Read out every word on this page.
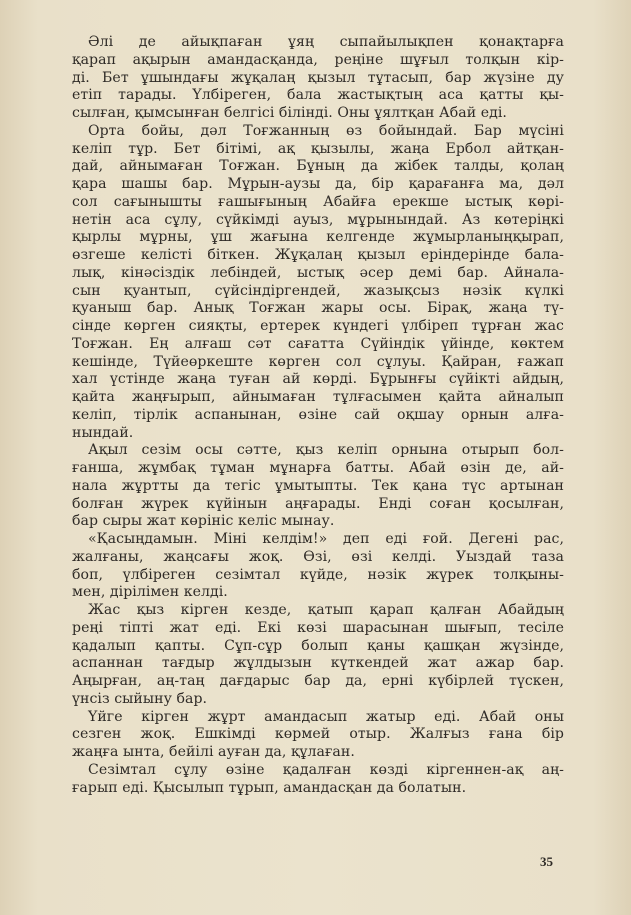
Әлі де айықпаған ұяң сыпайылықпен қонақтарға
қарап ақырын амандасқанда, реңіне шұғыл толқын кір-
ді. Бет ұшындағы жұқалаң қызыл тұтасып, бар жүзіне ду
етіп тарады. Үлбіреген, бала жастықтың аса қатты қы-
сылған, қымсынған белгісі білінді. Оны ұялтқан Абай еді.
Орта бойы, дәл Тоғжанның өз бойындай. Бар мүсіні
келіп тұр. Бет бітімі, ақ қызылы, жаңа Ербол айтқан-
дай, айнымаған Тоғжан. Бұның да жібек талды, қолаң
қара шашы бар. Мұрын-аузы да, бір қарағанға ма, дәл
сол сағынышты ғашығының Абайға ерекше ыстық көрі-
нетін аса сұлу, сүйкімді ауыз, мұрынындай. Аз көтеріңкі
қырлы мұрны, ұш жағына келгенде жұмырланыңқырап,
өзгеше келісті біткен. Жұқалаң қызыл еріндерінде бала-
лық, кінәсіздік лебіндей, ыстық әсер демі бар. Айнала-
сын қуантып, сүйсіндіргендей, жазықсыз нәзік күлкі
қуаныш бар. Анық Тоғжан жары осы. Бірақ, жаңа тү-
сінде көрген сияқты, ертерек күндегі үлбіреп тұрған жас
Тоғжан. Ең алғаш сәт сағатта Сүйіндік үйінде, көктем
кешінде, Түйеөркеште көрген сол сұлуы. Қайран, ғажап
хал үстінде жаңа туған ай көрді. Бұрынғы сүйікті айдың,
қайта жаңғырып, айнымаған тұлғасымен қайта айналып
келіп, тірлік аспанынан, өзіне сай оқшау орнын алға-
нындай.
Ақыл сезім осы сәтте, қыз келіп орнына отырып бол-
ғанша, жұмбақ тұман мұнарға батты. Абай өзін де, ай-
нала жұртты да тегіс ұмытыпты. Тек қана түс артынан
болған жүрек күйінын аңғарады. Енді соған қосылған,
бар сыры жат көрініс келіс мынау.
«Қасыңдамын. Міні келдім!» деп еді ғой. Дегені рас,
жалғаны, жаңсағы жоқ. Өзі, өзі келді. Уыздай таза
боп, үлбіреген сезімтал күйде, нәзік жүрек толқыны-
мен, дірілімен келді.
Жас қыз кірген кезде, қатып қарап қалған Абайдың
реңі тіпті жат еді. Екі көзі шарасынан шығып, тесіле
қадалып қапты. Сұп-сұр болып қаны қашқан жүзінде,
аспаннан тағдыр жұлдызын күткендей жат ажар бар.
Аңырған, аң-таң дағдарыс бар да, ерні күбірлей түскен,
үнсіз сыйыну бар.
Үйге кірген жұрт амандасып жатыр еді. Абай оны
сезген жоқ. Ешкімді көрмей отыр. Жалғыз ғана бір
жаңға ынта, бейілі ауған да, құлаған.
Сезімтал сұлу өзіне қадалған көзді кіргеннен-ақ аң-
ғарып еді. Қысылып тұрып, амандасқан да болатын.
35
